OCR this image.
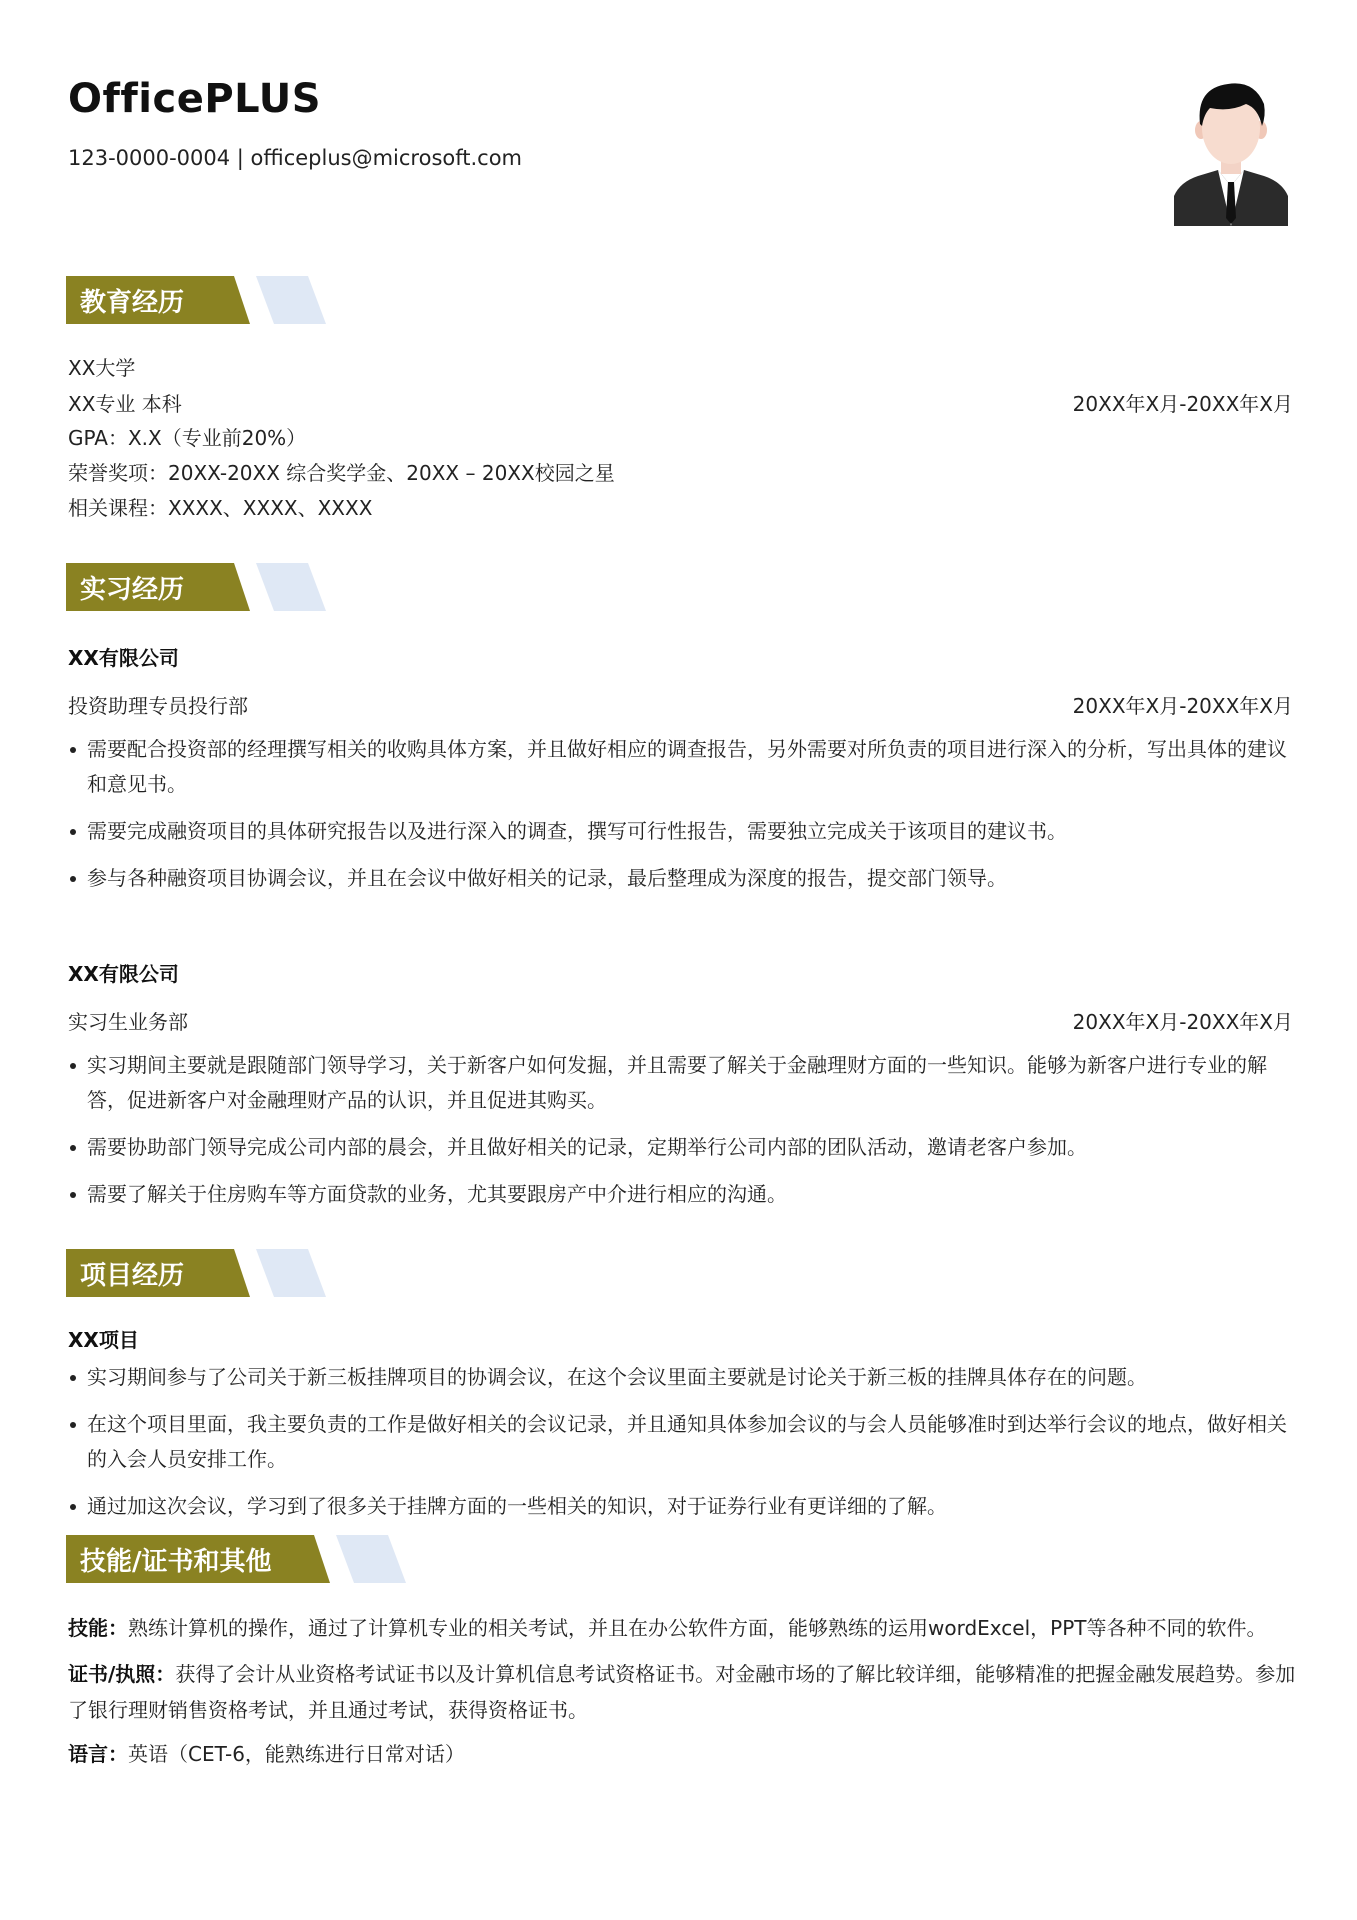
OfficePLUS
123-0000-0004 | officeplus@microsoft.com
教育经历
XX大学
XX专业 本科	20XX年X月-20XX年X月
GPA：X.X（专业前20%）
荣誉奖项：20XX-20XX 综合奖学金、20XX – 20XX校园之星
相关课程：XXXX、XXXX、XXXX
实习经历
XX有限公司
投资助理专员投行部	20XX年X月-20XX年X月
需要配合投资部的经理撰写相关的收购具体方案，并且做好相应的调查报告，另外需要对所负责的项目进行深入的分析，写出具体的建议和意见书。
需要完成融资项目的具体研究报告以及进行深入的调查，撰写可行性报告，需要独立完成关于该项目的建议书。
参与各种融资项目协调会议，并且在会议中做好相关的记录，最后整理成为深度的报告，提交部门领导。
XX有限公司
实习生业务部	20XX年X月-20XX年X月
实习期间主要就是跟随部门领导学习，关于新客户如何发掘，并且需要了解关于金融理财方面的一些知识。能够为新客户进行专业的解答，促进新客户对金融理财产品的认识，并且促进其购买。
需要协助部门领导完成公司内部的晨会，并且做好相关的记录，定期举行公司内部的团队活动，邀请老客户参加。
需要了解关于住房购车等方面贷款的业务，尤其要跟房产中介进行相应的沟通。
项目经历
XX项目
实习期间参与了公司关于新三板挂牌项目的协调会议，在这个会议里面主要就是讨论关于新三板的挂牌具体存在的问题。
在这个项目里面，我主要负责的工作是做好相关的会议记录，并且通知具体参加会议的与会人员能够准时到达举行会议的地点，做好相关的入会人员安排工作。
通过加这次会议，学习到了很多关于挂牌方面的一些相关的知识，对于证券行业有更详细的了解。
技能/证书和其他
技能：熟练计算机的操作，通过了计算机专业的相关考试，并且在办公软件方面，能够熟练的运用wordExcel，PPT等各种不同的软件。
证书/执照：获得了会计从业资格考试证书以及计算机信息考试资格证书。对金融市场的了解比较详细，能够精准的把握金融发展趋势。参加了银行理财销售资格考试，并且通过考试，获得资格证书。
语言：英语（CET-6，能熟练进行日常对话）
